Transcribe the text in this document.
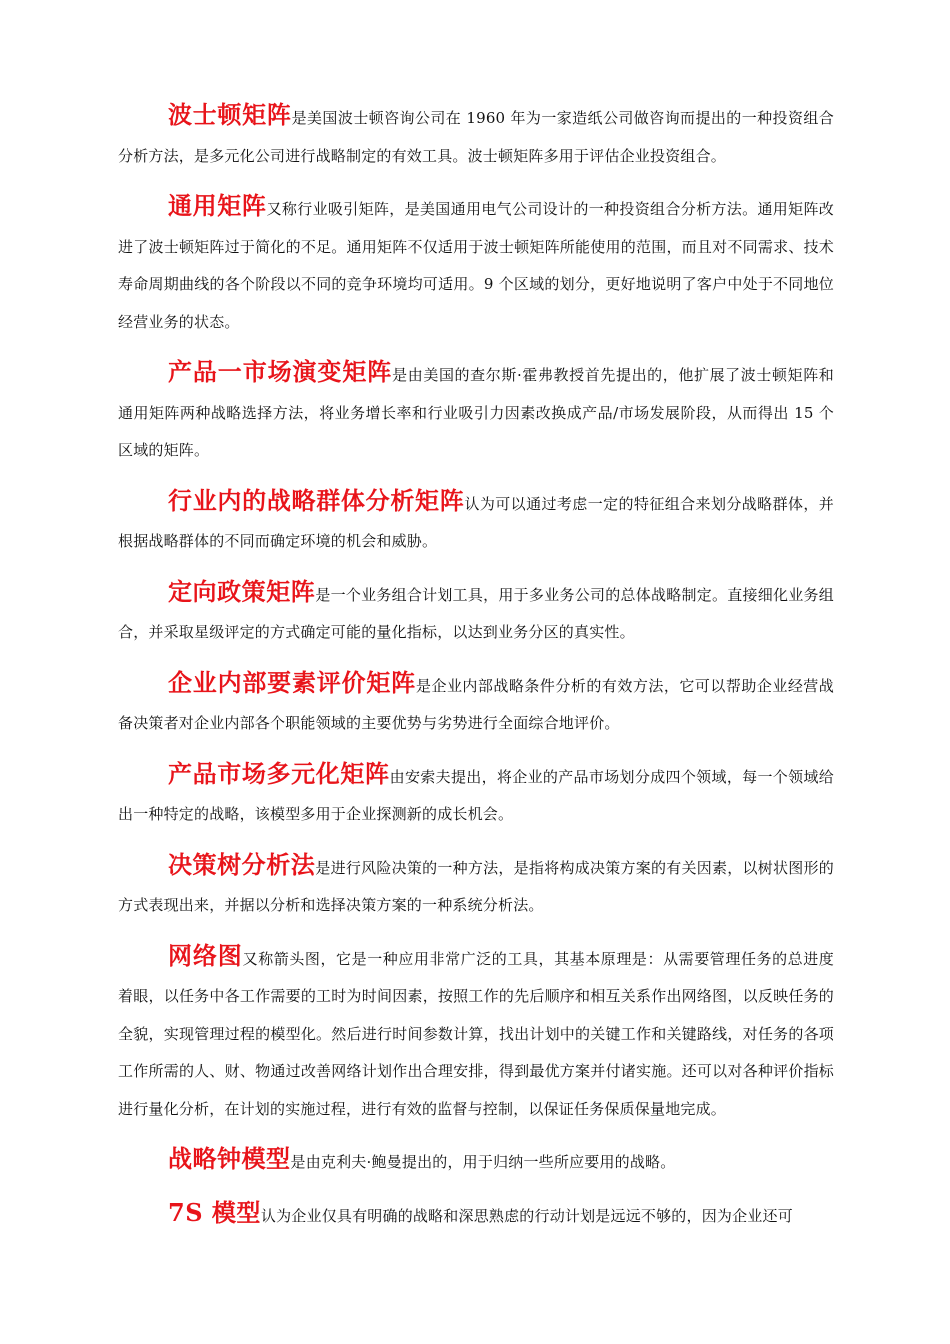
波士顿矩阵是美国波士顿咨询公司在 1960 年为一家造纸公司做咨询而提出的一种投资组合分析方法，是多元化公司进行战略制定的有效工具。波士顿矩阵多用于评估企业投资组合。

通用矩阵又称行业吸引矩阵，是美国通用电气公司设计的一种投资组合分析方法。通用矩阵改进了波士顿矩阵过于简化的不足。通用矩阵不仅适用于波士顿矩阵所能使用的范围，而且对不同需求、技术寿命周期曲线的各个阶段以不同的竞争环境均可适用。9 个区域的划分，更好地说明了客户中处于不同地位经营业务的状态。

产品一市场演变矩阵是由美国的查尔斯·霍弗教授首先提出的，他扩展了波士顿矩阵和通用矩阵两种战略选择方法，将业务增长率和行业吸引力因素改换成产品/市场发展阶段，从而得出 15 个区域的矩阵。

行业内的战略群体分析矩阵认为可以通过考虑一定的特征组合来划分战略群体，并根据战略群体的不同而确定环境的机会和威胁。

定向政策矩阵是一个业务组合计划工具，用于多业务公司的总体战略制定。直接细化业务组合，并采取星级评定的方式确定可能的量化指标，以达到业务分区的真实性。

企业内部要素评价矩阵是企业内部战略条件分析的有效方法，它可以帮助企业经营战备决策者对企业内部各个职能领域的主要优势与劣势进行全面综合地评价。

产品市场多元化矩阵由安索夫提出，将企业的产品市场划分成四个领域，每一个领域给出一种特定的战略，该模型多用于企业探测新的成长机会。

决策树分析法是进行风险决策的一种方法，是指将构成决策方案的有关因素，以树状图形的方式表现出来，并据以分析和选择决策方案的一种系统分析法。

网络图又称箭头图，它是一种应用非常广泛的工具，其基本原理是：从需要管理任务的总进度着眼，以任务中各工作需要的工时为时间因素，按照工作的先后顺序和相互关系作出网络图，以反映任务的全貌，实现管理过程的模型化。然后进行时间参数计算，找出计划中的关键工作和关键路线，对任务的各项工作所需的人、财、物通过改善网络计划作出合理安排，得到最优方案并付诸实施。还可以对各种评价指标进行量化分析，在计划的实施过程，进行有效的监督与控制，以保证任务保质保量地完成。

战略钟模型是由克利夫·鲍曼提出的，用于归纳一些所应要用的战略。

7S 模型认为企业仅具有明确的战略和深思熟虑的行动计划是远远不够的，因为企业还可
